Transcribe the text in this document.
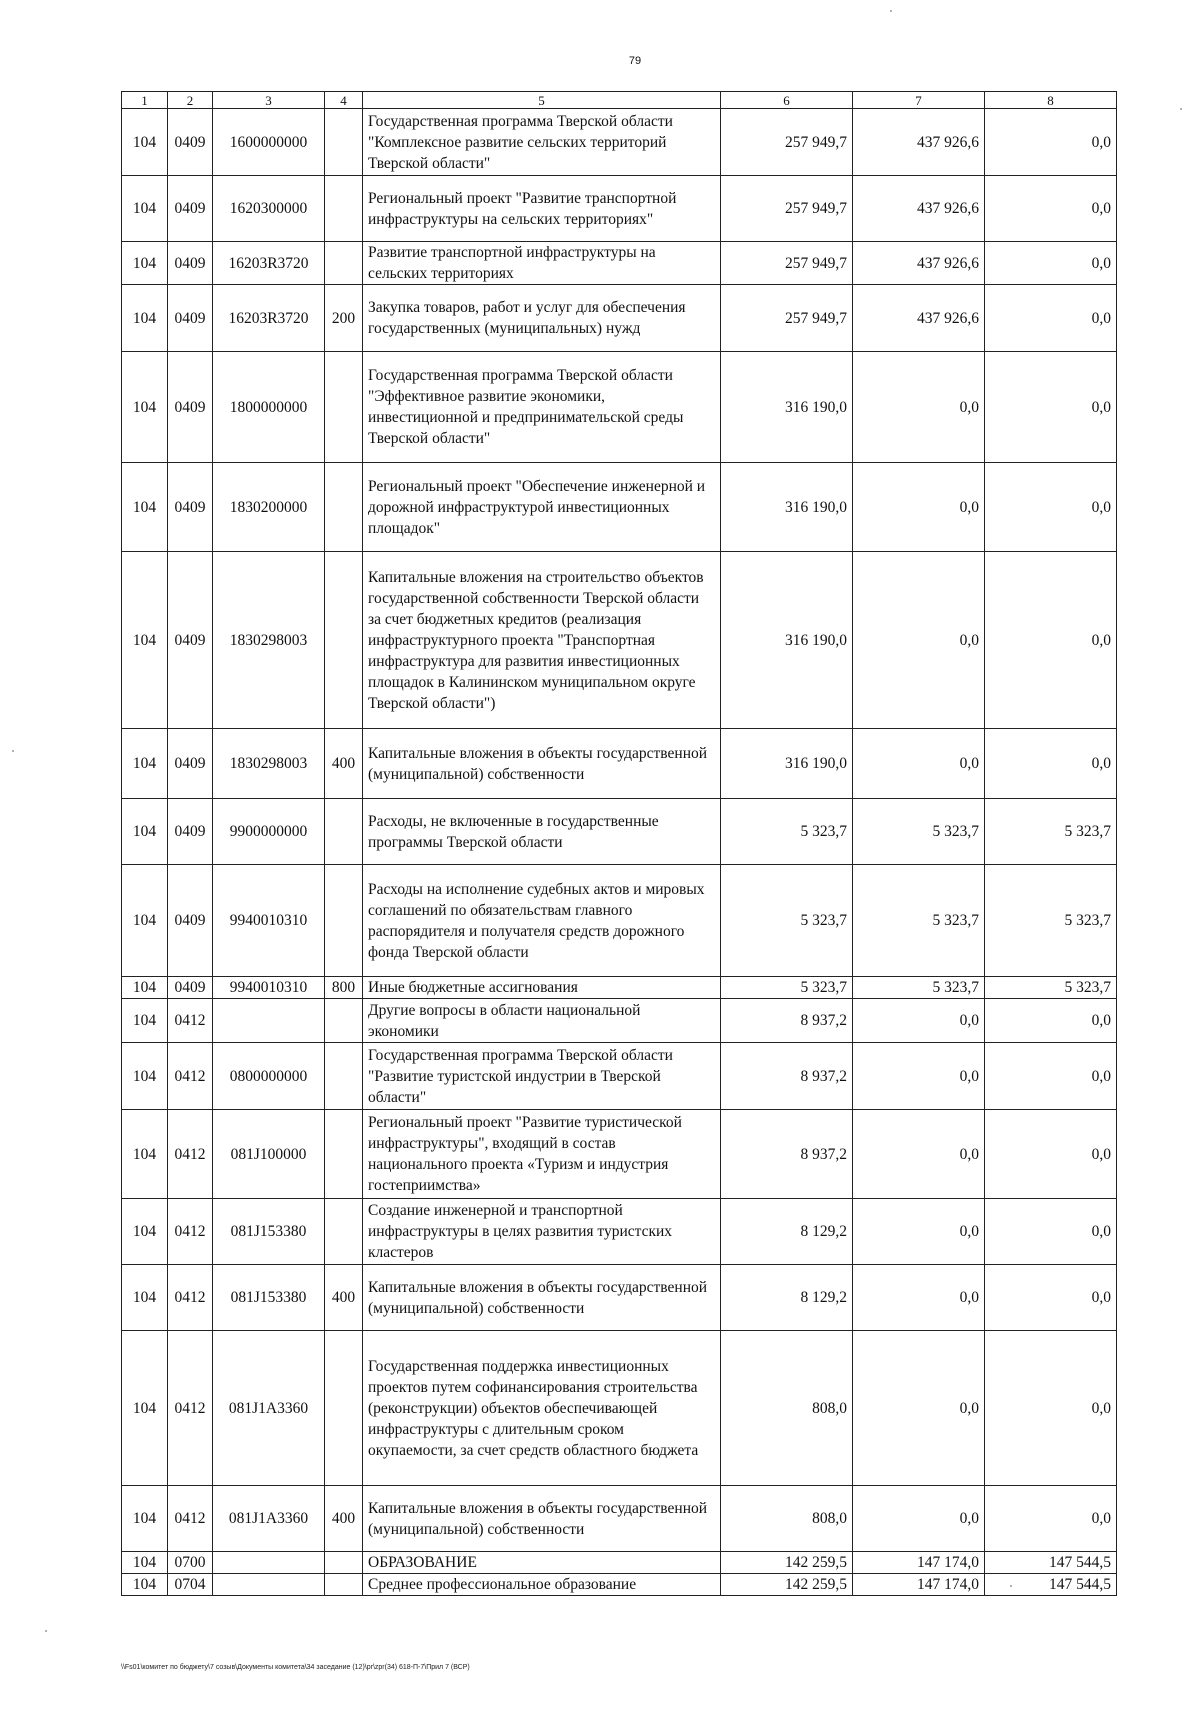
79
1	2	3	4	5	6	7	8
104	0409	1600000000		Государственная программа Тверской области "Комплексное развитие сельских территорий Тверской области"	257 949,7	437 926,6	0,0
104	0409	1620300000		Региональный проект "Развитие транспортной инфраструктуры на сельских территориях"	257 949,7	437 926,6	0,0
104	0409	16203R3720		Развитие транспортной инфраструктуры на сельских территориях	257 949,7	437 926,6	0,0
104	0409	16203R3720	200	Закупка товаров, работ и услуг для обеспечения государственных (муниципальных) нужд	257 949,7	437 926,6	0,0
104	0409	1800000000		Государственная программа Тверской области "Эффективное развитие экономики, инвестиционной и предпринимательской среды Тверской области"	316 190,0	0,0	0,0
104	0409	1830200000		Региональный проект "Обеспечение инженерной и дорожной инфраструктурой инвестиционных площадок"	316 190,0	0,0	0,0
104	0409	1830298003		Капитальные вложения на строительство объектов государственной собственности Тверской области за счет бюджетных кредитов (реализация инфраструктурного проекта "Транспортная инфраструктура для развития инвестиционных площадок в Калининском муниципальном округе Тверской области")	316 190,0	0,0	0,0
104	0409	1830298003	400	Капитальные вложения в объекты государственной (муниципальной) собственности	316 190,0	0,0	0,0
104	0409	9900000000		Расходы, не включенные в государственные программы Тверской области	5 323,7	5 323,7	5 323,7
104	0409	9940010310		Расходы на исполнение судебных актов и мировых соглашений по обязательствам главного распорядителя и получателя средств дорожного фонда Тверской области	5 323,7	5 323,7	5 323,7
104	0409	9940010310	800	Иные бюджетные ассигнования	5 323,7	5 323,7	5 323,7
104	0412			Другие вопросы в области национальной экономики	8 937,2	0,0	0,0
104	0412	0800000000		Государственная программа Тверской области "Развитие туристской индустрии в Тверской области"	8 937,2	0,0	0,0
104	0412	081J100000		Региональный проект "Развитие туристической инфраструктуры", входящий в состав национального проекта «Туризм и индустрия гостеприимства»	8 937,2	0,0	0,0
104	0412	081J153380		Создание инженерной и транспортной инфраструктуры в целях развития туристских кластеров	8 129,2	0,0	0,0
104	0412	081J153380	400	Капитальные вложения в объекты государственной (муниципальной) собственности	8 129,2	0,0	0,0
104	0412	081J1A3360		Государственная поддержка инвестиционных проектов путем софинансирования строительства (реконструкции) объектов обеспечивающей инфраструктуры с длительным сроком окупаемости, за счет средств областного бюджета	808,0	0,0	0,0
104	0412	081J1A3360	400	Капитальные вложения в объекты государственной (муниципальной) собственности	808,0	0,0	0,0
104	0700			ОБРАЗОВАНИЕ	142 259,5	147 174,0	147 544,5
104	0704			Среднее профессиональное образование	142 259,5	147 174,0	147 544,5
\\Fs01\комитет по бюджету\7 созыв\Документы комитета\34 заседание (12)\pr\zpr(34) 618-П-7\Прил 7 (ВСР)
